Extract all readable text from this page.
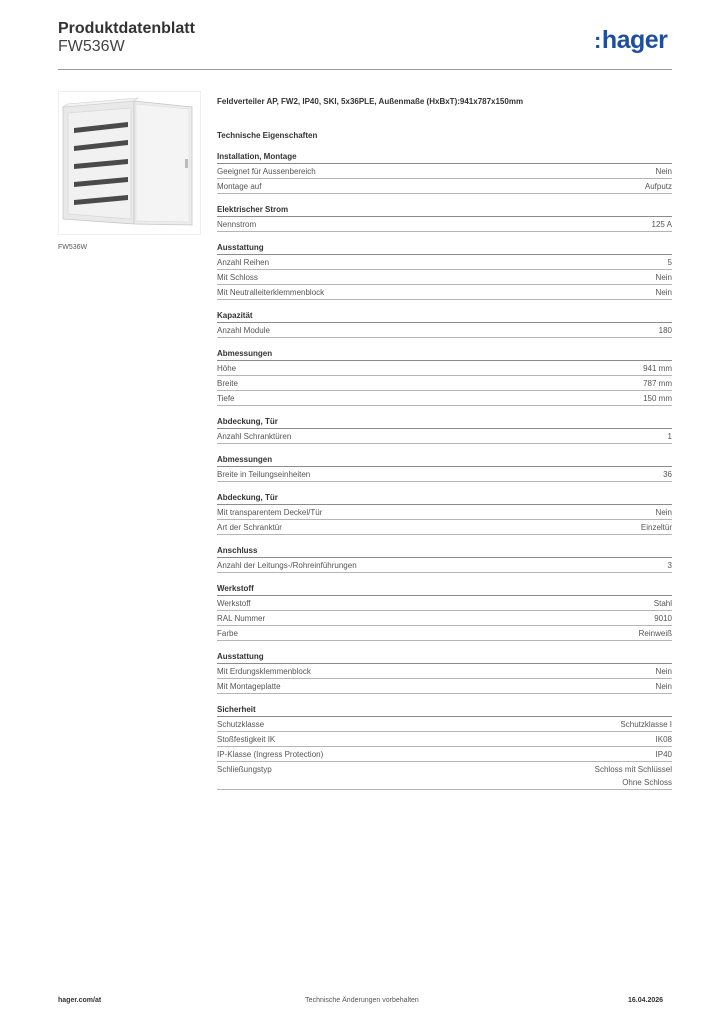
Produktdatenblatt
FW536W	:hager
FW536W
Feldverteiler AP, FW2, IP40, SKI, 5x36PLE, Außenmaße (HxBxT):941x787x150mm
Technische Eigenschaften
Installation, Montage
Geeignet für Aussenbereich	Nein
Montage auf	Aufputz
Elektrischer Strom
Nennstrom	125 A
Ausstattung
Anzahl Reihen	5
Mit Schloss	Nein
Mit Neutralleiterklemmenblock	Nein
Kapazität
Anzahl Module	180
Abmessungen
Höhe	941 mm
Breite	787 mm
Tiefe	150 mm
Abdeckung, Tür
Anzahl Schranktüren	1
Abmessungen
Breite in Teilungseinheiten	36
Abdeckung, Tür
Mit transparentem Deckel/Tür	Nein
Art der Schranktür	Einzeltür
Anschluss
Anzahl der Leitungs-/Rohreinführungen	3
Werkstoff
Werkstoff	Stahl
RAL Nummer	9010
Farbe	Reinweiß
Ausstattung
Mit Erdungsklemmenblock	Nein
Mit Montageplatte	Nein
Sicherheit
Schutzklasse	Schutzklasse I
Stoßfestigkeit IK	IK08
IP-Klasse (Ingress Protection)	IP40
Schließungstyp	Schloss mit Schlüssel
Ohne Schloss
hager.com/at	Technische Änderungen vorbehalten	16.04.2026
